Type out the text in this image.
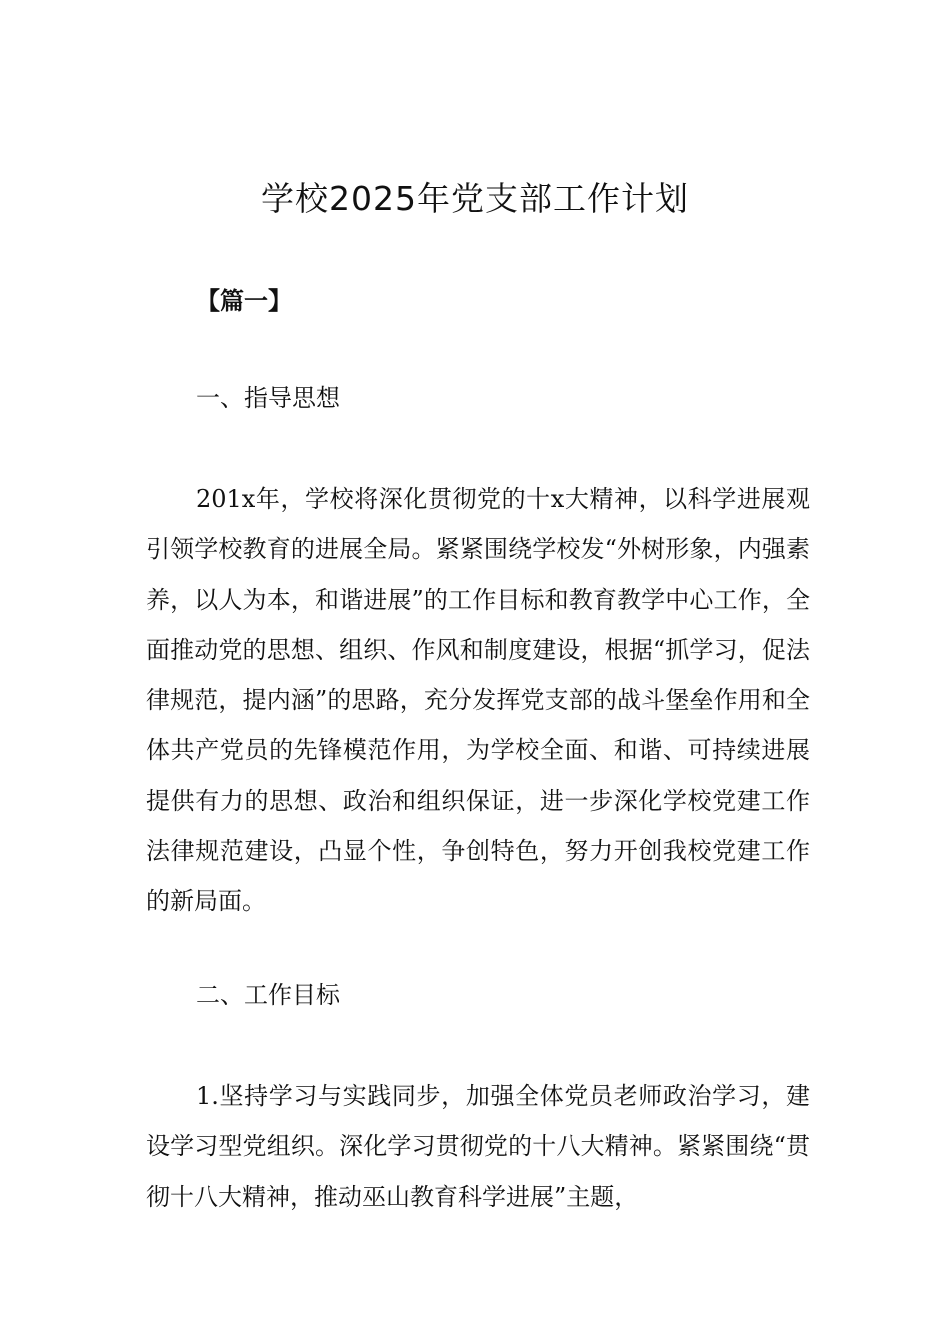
学校2025年党支部工作计划
【篇一】
一、指导思想

201x年，学校将深化贯彻党的十x大精神，以科学进展观引领学校教育的进展全局。紧紧围绕学校发“外树形象，内强素养，以人为本，和谐进展”的工作目标和教育教学中心工作，全面推动党的思想、组织、作风和制度建设，根据“抓学习，促法律规范，提内涵”的思路，充分发挥党支部的战斗堡垒作用和全体共产党员的先锋模范作用，为学校全面、和谐、可持续进展提供有力的思想、政治和组织保证，进一步深化学校党建工作法律规范建设，凸显个性，争创特色，努力开创我校党建工作的新局面。

二、工作目标

1.坚持学习与实践同步，加强全体党员老师政治学习，建设学习型党组织。深化学习贯彻党的十八大精神。紧紧围绕“贯彻十八大精神，推动巫山教育科学进展”主题，
